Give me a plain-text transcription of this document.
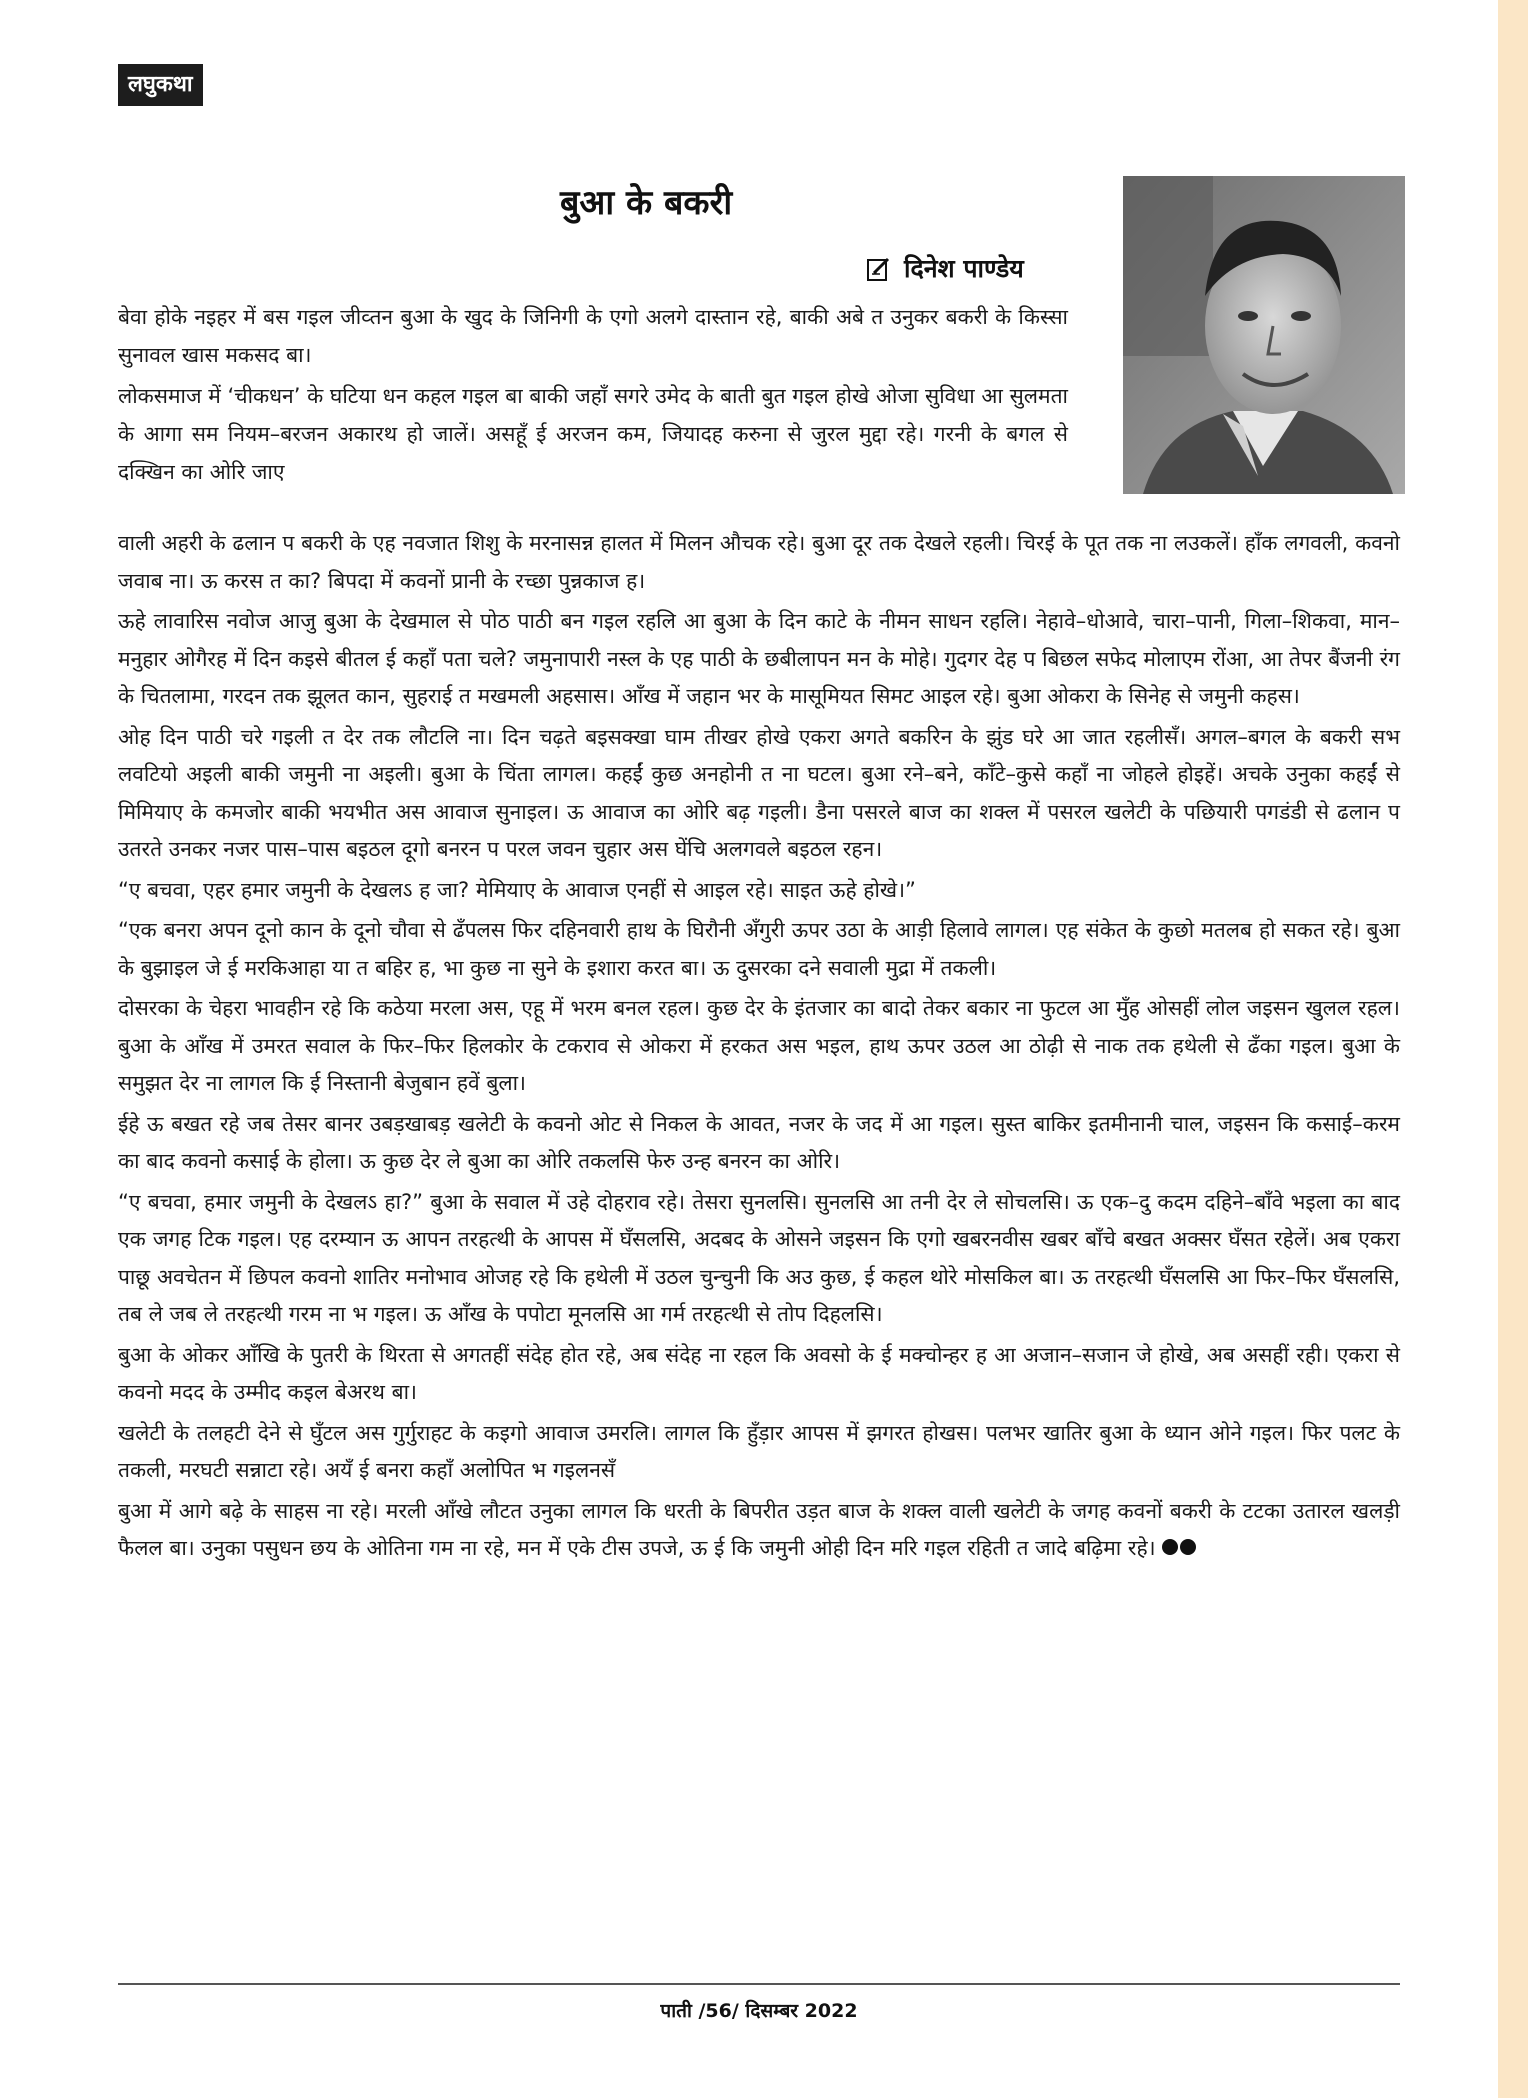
लघुकथा
बुआ के बकरी
दिनेश पाण्डेय

बेवा होके नइहर में बस गइल जीव्तन बुआ के खुद के जिनिगी के एगो अलगे दास्तान रहे, बाकी अबे त उनुकर बकरी के किस्सा सुनावल खास मकसद बा।

लोकसमाज में ‘चीकधन’ के घटिया धन कहल गइल बा बाकी जहाँ सगरे उमेद के बाती बुत गइल होखे ओजा सुविधा आ सुलमता के आगा सम नियम–बरजन अकारथ हो जालें। असहूँ ई अरजन कम, जियादह करुना से जुरल मुद्दा रहे। गरनी के बगल से दक्खिन का ओरि जाए

वाली अहरी के ढलान प बकरी के एह नवजात शिशु के मरनासन्न हालत में मिलन औचक रहे। बुआ दूर तक देखले रहली। चिरई के पूत तक ना लउकलें। हाँक लगवली, कवनो जवाब ना। ऊ करस त का? बिपदा में कवनों प्रानी के रच्छा पुन्नकाज ह।

ऊहे लावारिस नवोज आजु बुआ के देखमाल से पोठ पाठी बन गइल रहलि आ बुआ के दिन काटे के नीमन साधन रहलि। नेहावे–धोआवे, चारा–पानी, गिला–शिकवा, मान–मनुहार ओगैरह में दिन कइसे बीतल ई कहाँ पता चले? जमुनापारी नस्ल के एह पाठी के छबीलापन मन के मोहे। गुदगर देह प बिछल सफेद मोलाएम रोंआ, आ तेपर बैंजनी रंग के चितलामा, गरदन तक झूलत कान, सुहराई त मखमली अहसास। आँख में जहान भर के मासूमियत सिमट आइल रहे। बुआ ओकरा के सिनेह से जमुनी कहस।

ओह दिन पाठी चरे गइली त देर तक लौटलि ना। दिन चढ़ते बइसक्खा घाम तीखर होखे एकरा अगते बकरिन के झुंड घरे आ जात रहलीसँ। अगल–बगल के बकरी सभ लवटियो अइली बाकी जमुनी ना अइली। बुआ के चिंता लागल। कहईं कुछ अनहोनी त ना घटल। बुआ रने–बने, काँटे–कुसे कहाँ ना जोहले होइहें। अचके उनुका कहईं से मिमियाए के कमजोर बाकी भयभीत अस आवाज सुनाइल। ऊ आवाज का ओरि बढ़ गइली। डैना पसरले बाज का शक्ल में पसरल खलेटी के पछियारी पगडंडी से ढलान प उतरते उनकर नजर पास–पास बइठल दूगो बनरन प परल जवन चुहार अस घेंचि अलगवले बइठल रहन।

“ए बचवा, एहर हमार जमुनी के देखलऽ ह जा? मेमियाए के आवाज एनहीं से आइल रहे। साइत ऊहे होखे।”

“एक बनरा अपन दूनो कान के दूनो चौवा से ढँपलस फिर दहिनवारी हाथ के घिरौनी अँगुरी ऊपर उठा के आड़ी हिलावे लागल। एह संकेत के कुछो मतलब हो सकत रहे। बुआ के बुझाइल जे ई मरकिआहा या त बहिर ह, भा कुछ ना सुने के इशारा करत बा। ऊ दुसरका दने सवाली मुद्रा में तकली।

दोसरका के चेहरा भावहीन रहे कि कठेया मरला अस, एहू में भरम बनल रहल। कुछ देर के इंतजार का बादो तेकर बकार ना फुटल आ मुँह ओसहीं लोल जइसन खुलल रहल। बुआ के आँख में उमरत सवाल के फिर–फिर हिलकोर के टकराव से ओकरा में हरकत अस भइल, हाथ ऊपर उठल आ ठोढ़ी से नाक तक हथेली से ढँका गइल। बुआ के समुझत देर ना लागल कि ई निस्तानी बेजुबान हवें बुला।

ईहे ऊ बखत रहे जब तेसर बानर उबड़खाबड़ खलेटी के कवनो ओट से निकल के आवत, नजर के जद में आ गइल। सुस्त बाकिर इतमीनानी चाल, जइसन कि कसाई–करम का बाद कवनो कसाई के होला। ऊ कुछ देर ले बुआ का ओरि तकलसि फेरु उन्ह बनरन का ओरि।

“ए बचवा, हमार जमुनी के देखलऽ हा?” बुआ के सवाल में उहे दोहराव रहे। तेसरा सुनलसि। सुनलसि आ तनी देर ले सोचलसि। ऊ एक–दु कदम दहिने–बाँवे भइला का बाद एक जगह टिक गइल। एह दरम्यान ऊ आपन तरहत्थी के आपस में घँसलसि, अदबद के ओसने जइसन कि एगो खबरनवीस खबर बाँचे बखत अक्सर घँसत रहेलें। अब एकरा पाछू अवचेतन में छिपल कवनो शातिर मनोभाव ओजह रहे कि हथेली में उठल चुन्चुनी कि अउ कुछ, ई कहल थोरे मोसकिल बा। ऊ तरहत्थी घँसलसि आ फिर–फिर घँसलसि, तब ले जब ले तरहत्थी गरम ना भ गइल। ऊ आँख के पपोटा मूनलसि आ गर्म तरहत्थी से तोप दिहलसि।

बुआ के ओकर आँखि के पुतरी के थिरता से अगतहीं संदेह होत रहे, अब संदेह ना रहल कि अवसो के ई मक्चोन्हर ह आ अजान–सजान जे होखे, अब असहीं रही। एकरा से कवनो मदद के उम्मीद कइल बेअरथ बा।

खलेटी के तलहटी देने से घुँटल अस गुर्गुराहट के कइगो आवाज उमरलि। लागल कि हुँड़ार आपस में झगरत होखस। पलभर खातिर बुआ के ध्यान ओने गइल। फिर पलट के तकली, मरघटी सन्नाटा रहे। अयँ ई बनरा कहाँ अलोपित भ गइलनसँ

बुआ में आगे बढ़े के साहस ना रहे। मरली आँखे लौटत उनुका लागल कि धरती के बिपरीत उड़त बाज के शक्ल वाली खलेटी के जगह कवनों बकरी के टटका उतारल खलड़ी फैलल बा। उनुका पसुधन छय के ओतिना गम ना रहे, मन में एके टीस उपजे, ऊ ई कि जमुनी ओही दिन मरि गइल रहिती त जादे बढ़िमा रहे।

पाती /56/ दिसम्बर 2022
